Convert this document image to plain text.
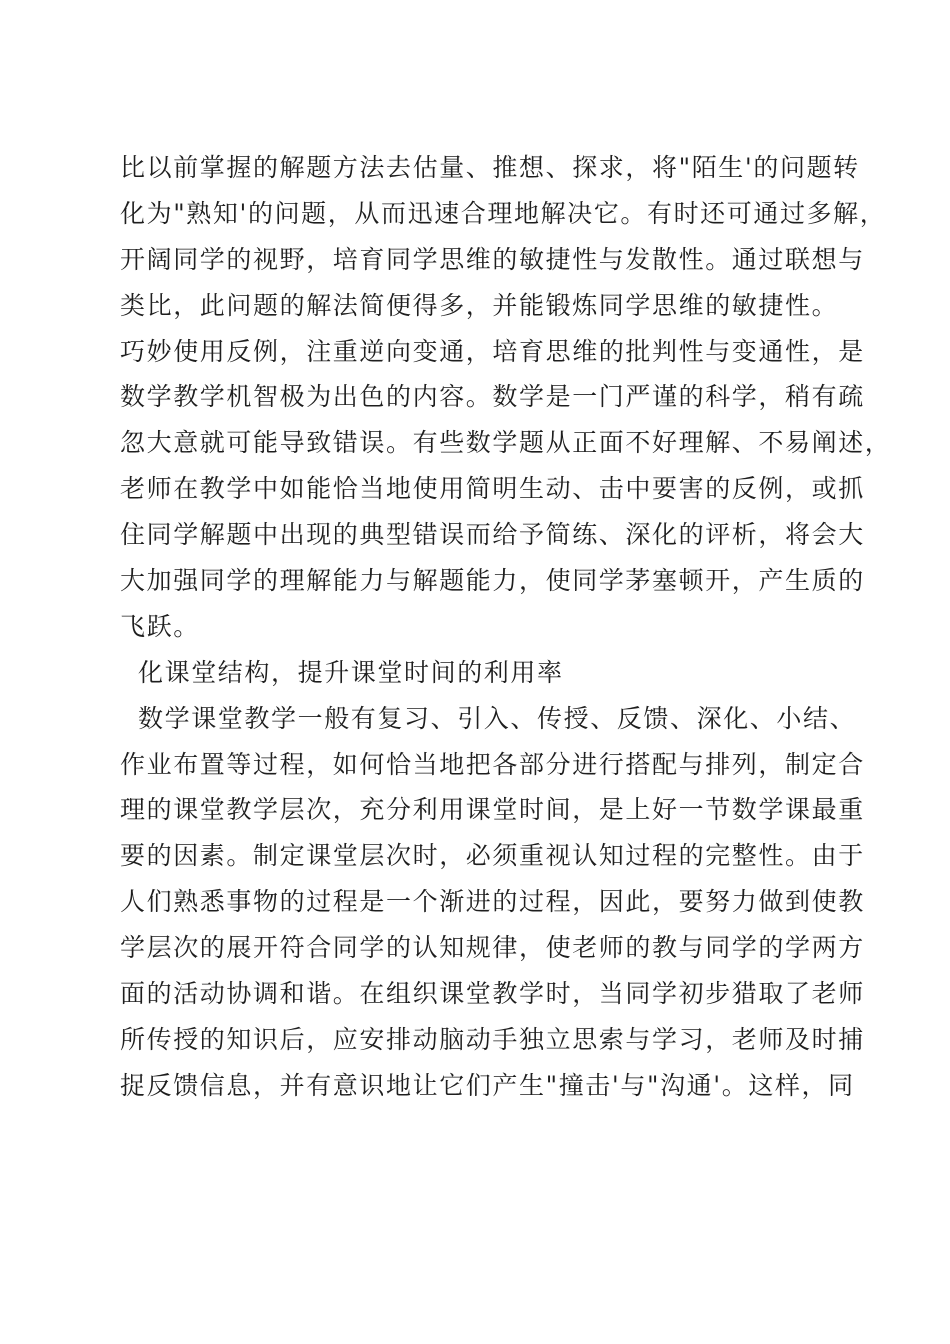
比以前掌握的解题方法去估量、推想、探求，将"陌生'的问题转
化为"熟知'的问题，从而迅速合理地解决它。有时还可通过多解，
开阔同学的视野，培育同学思维的敏捷性与发散性。通过联想与
类比，此问题的解法简便得多，并能锻炼同学思维的敏捷性。
巧妙使用反例，注重逆向变通，培育思维的批判性与变通性，是
数学教学机智极为出色的内容。数学是一门严谨的科学，稍有疏
忽大意就可能导致错误。有些数学题从正面不好理解、不易阐述，
老师在教学中如能恰当地使用简明生动、击中要害的反例，或抓
住同学解题中出现的典型错误而给予简练、深化的评析，将会大
大加强同学的理解能力与解题能力，使同学茅塞顿开，产生质的
飞跃。
化课堂结构，提升课堂时间的利用率
数学课堂教学一般有复习、引入、传授、反馈、深化、小结、
作业布置等过程，如何恰当地把各部分进行搭配与排列，制定合
理的课堂教学层次，充分利用课堂时间，是上好一节数学课最重
要的因素。制定课堂层次时，必须重视认知过程的完整性。由于
人们熟悉事物的过程是一个渐进的过程，因此，要努力做到使教
学层次的展开符合同学的认知规律，使老师的教与同学的学两方
面的活动协调和谐。在组织课堂教学时，当同学初步猎取了老师
所传授的知识后，应安排动脑动手独立思索与学习，老师及时捕
捉反馈信息，并有意识地让它们产生"撞击'与"沟通'。这样，同
